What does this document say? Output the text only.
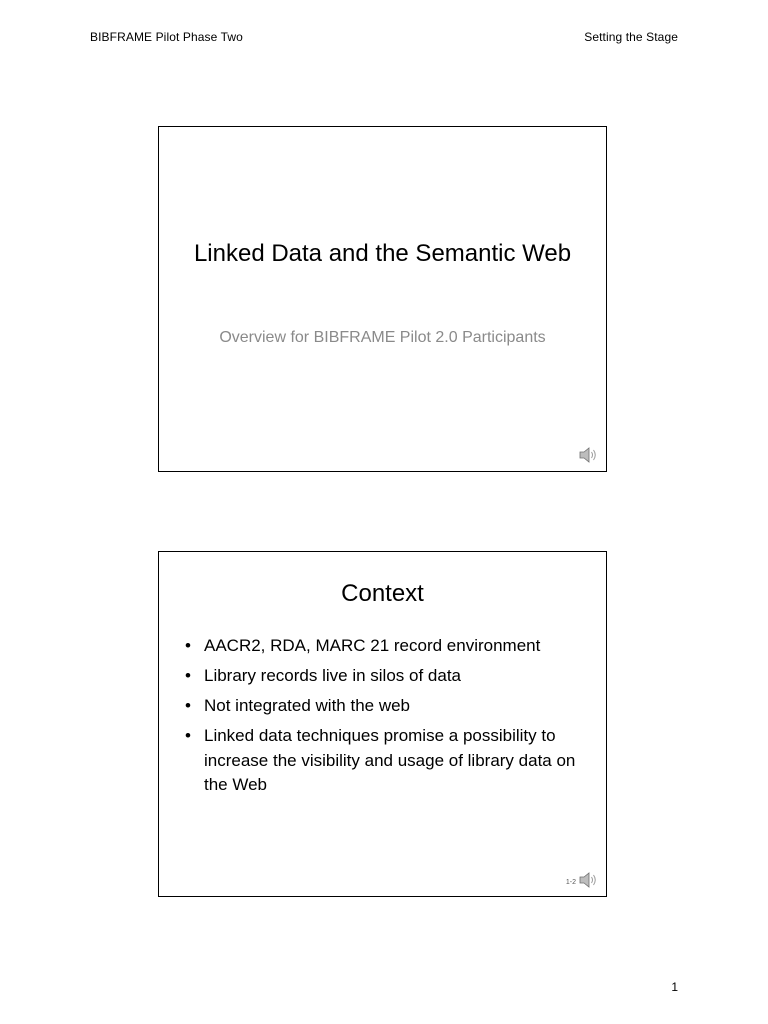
BIBFRAME Pilot Phase Two	Setting the Stage
Linked Data and the Semantic Web
Overview for BIBFRAME Pilot 2.0 Participants
Context
• AACR2, RDA, MARC 21 record environment
• Library records live in silos of data
• Not integrated with the web
• Linked data techniques promise a possibility to increase the visibility and usage of library data on the Web
1-2
1
